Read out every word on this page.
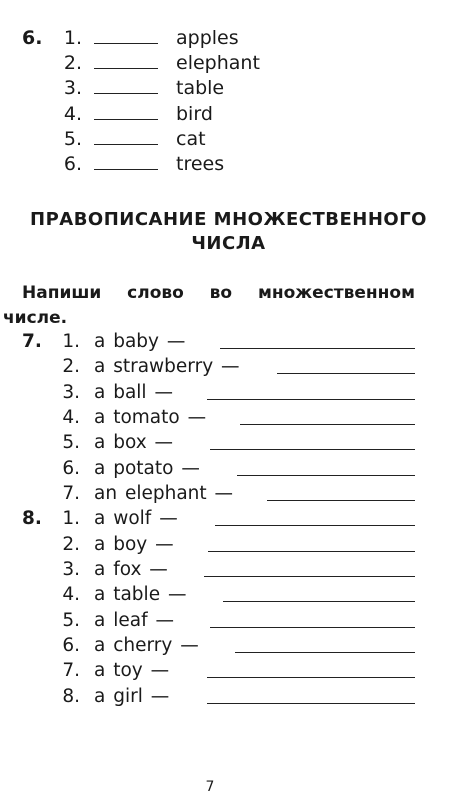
6. 1.	apples
2.	elephant
3.	table
4.	bird
5.	cat
6.	trees
ПРАВОПИСАНИЕ МНОЖЕСТВЕННОГО
ЧИСЛА
Напиши слово во множественном
числе.
7. 1. a baby —
2. a strawberry —
3. a ball —
4. a tomato —
5. a box —
6. a potato —
7. an elephant —
8. 1. a wolf —
2. a boy —
3. a fox —
4. a table —
5. a leaf —
6. a cherry —
7. a toy —
8. a girl —
7
